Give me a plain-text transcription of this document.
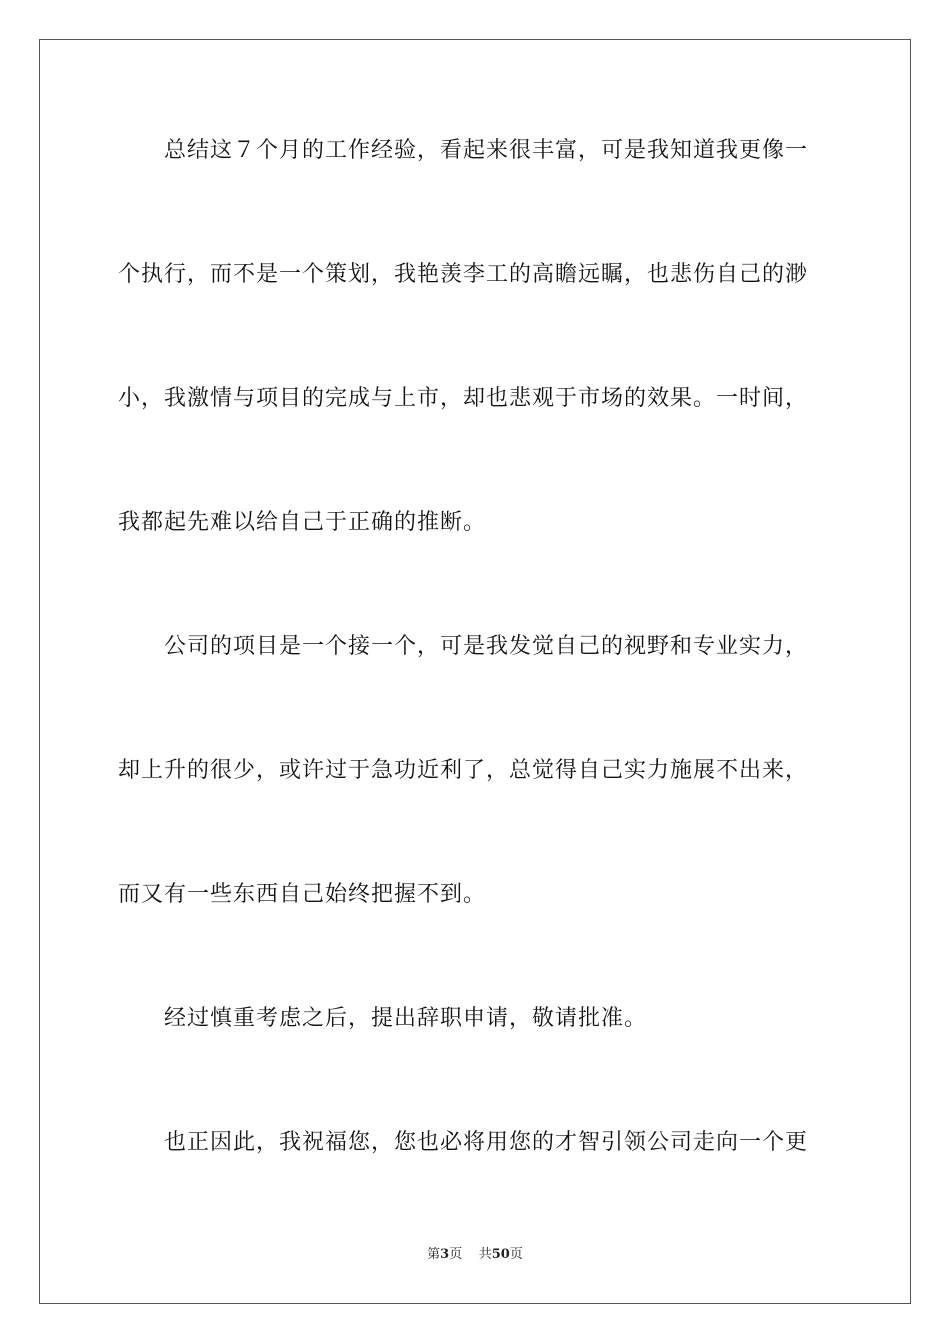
总结这７个月的工作经验，看起来很丰富，可是我知道我更像一
个执行，而不是一个策划，我艳羡李工的高瞻远瞩，也悲伤自己的渺
小，我激情与项目的完成与上市，却也悲观于市场的效果。一时间，
我都起先难以给自己于正确的推断。
公司的项目是一个接一个，可是我发觉自己的视野和专业实力，
却上升的很少，或许过于急功近利了，总觉得自己实力施展不出来，
而又有一些东西自己始终把握不到。
经过慎重考虑之后，提出辞职申请，敬请批准。
也正因此，我祝福您，您也必将用您的才智引领公司走向一个更
第3页 共50页
